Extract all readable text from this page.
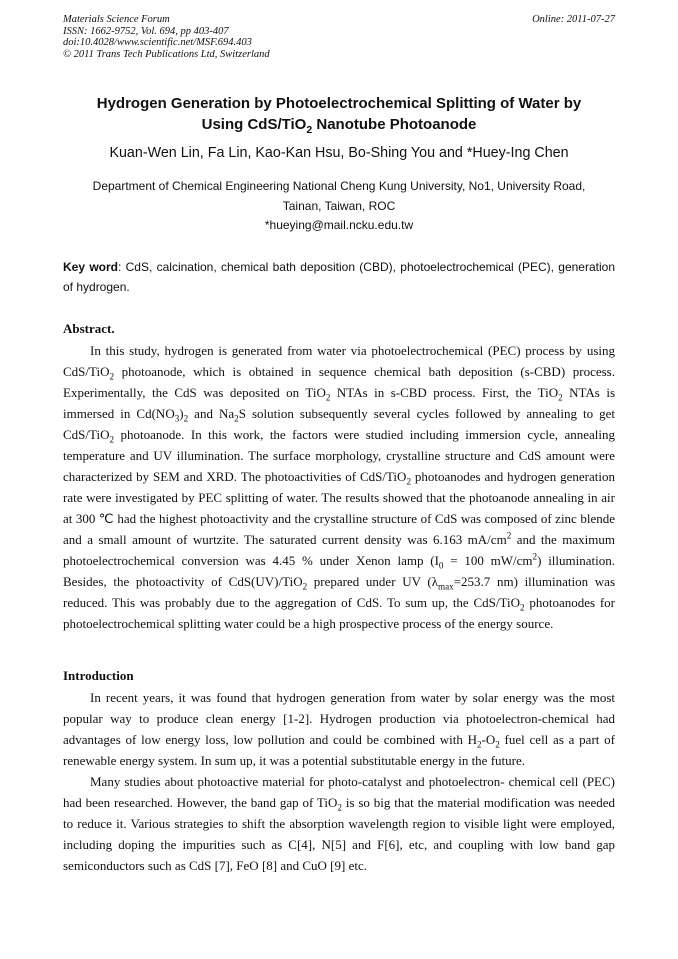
Materials Science Forum
ISSN: 1662-9752, Vol. 694, pp 403-407
doi:10.4028/www.scientific.net/MSF.694.403
© 2011 Trans Tech Publications Ltd, Switzerland
Online: 2011-07-27
Hydrogen Generation by Photoelectrochemical Splitting of Water by
Using CdS/TiO$_2$ Nanotube Photoanode
Kuan-Wen Lin, Fa Lin, Kao-Kan Hsu, Bo-Shing You and *Huey-Ing Chen
Department of Chemical Engineering National Cheng Kung University, No1, University Road,
Tainan, Taiwan, ROC
*hueying@mail.ncku.edu.tw
Key word: CdS, calcination, chemical bath deposition (CBD), photoelectrochemical (PEC), generation of hydrogen.
Abstract.

In this study, hydrogen is generated from water via photoelectrochemical (PEC) process by using CdS/TiO$_2$ photoanode, which is obtained in sequence chemical bath deposition (s-CBD) process. Experimentally, the CdS was deposited on TiO$_2$ NTAs in s-CBD process. First, the TiO$_2$ NTAs is immersed in $Cd(NO_3)_2$ and $Na_2S$ solution subsequently several cycles followed by annealing to get CdS/TiO$_2$ photoanode. In this work, the factors were studied including immersion cycle, annealing temperature and UV illumination. The surface morphology, crystalline structure and CdS amount were characterized by SEM and XRD. The photoactivities of CdS/TiO$_2$ photoanodes and hydrogen generation rate were investigated by PEC splitting of water. The results showed that the photoanode annealing in air at 300 ℃ had the highest photoactivity and the crystalline structure of CdS was composed of zinc blende and a small amount of wurtzite. The saturated current density was 6.163 $mA/cm^2$ and the maximum photoelectrochemical conversion was 4.45 % under Xenon lamp ($I_0 = 100$ $mW/cm^2$) illumination. Besides, the photoactivity of CdS(UV)/TiO$_2$ prepared under UV ($\lambda_{max}=253.7$ nm) illumination was reduced. This was probably due to the aggregation of CdS. To sum up, the CdS/TiO$_2$ photoanodes for photoelectrochemical splitting water could be a high prospective process of the energy source.

Introduction

In recent years, it was found that hydrogen generation from water by solar energy was the most popular way to produce clean energy [1-2]. Hydrogen production via photoelectron-chemical had advantages of low energy loss, low pollution and could be combined with $H_2-O_2$ fuel cell as a part of renewable energy system. In sum up, it was a potential substitutable energy in the future.

Many studies about photoactive material for photo-catalyst and photoelectron- chemical cell (PEC) had been researched. However, the band gap of TiO$_2$ is so big that the material modification was needed to reduce it. Various strategies to shift the absorption wavelength region to visible light were employed, including doping the impurities such as C[4], N[5] and F[6], etc, and coupling with low band gap semiconductors such as CdS [7], FeO [8] and CuO [9] etc.
